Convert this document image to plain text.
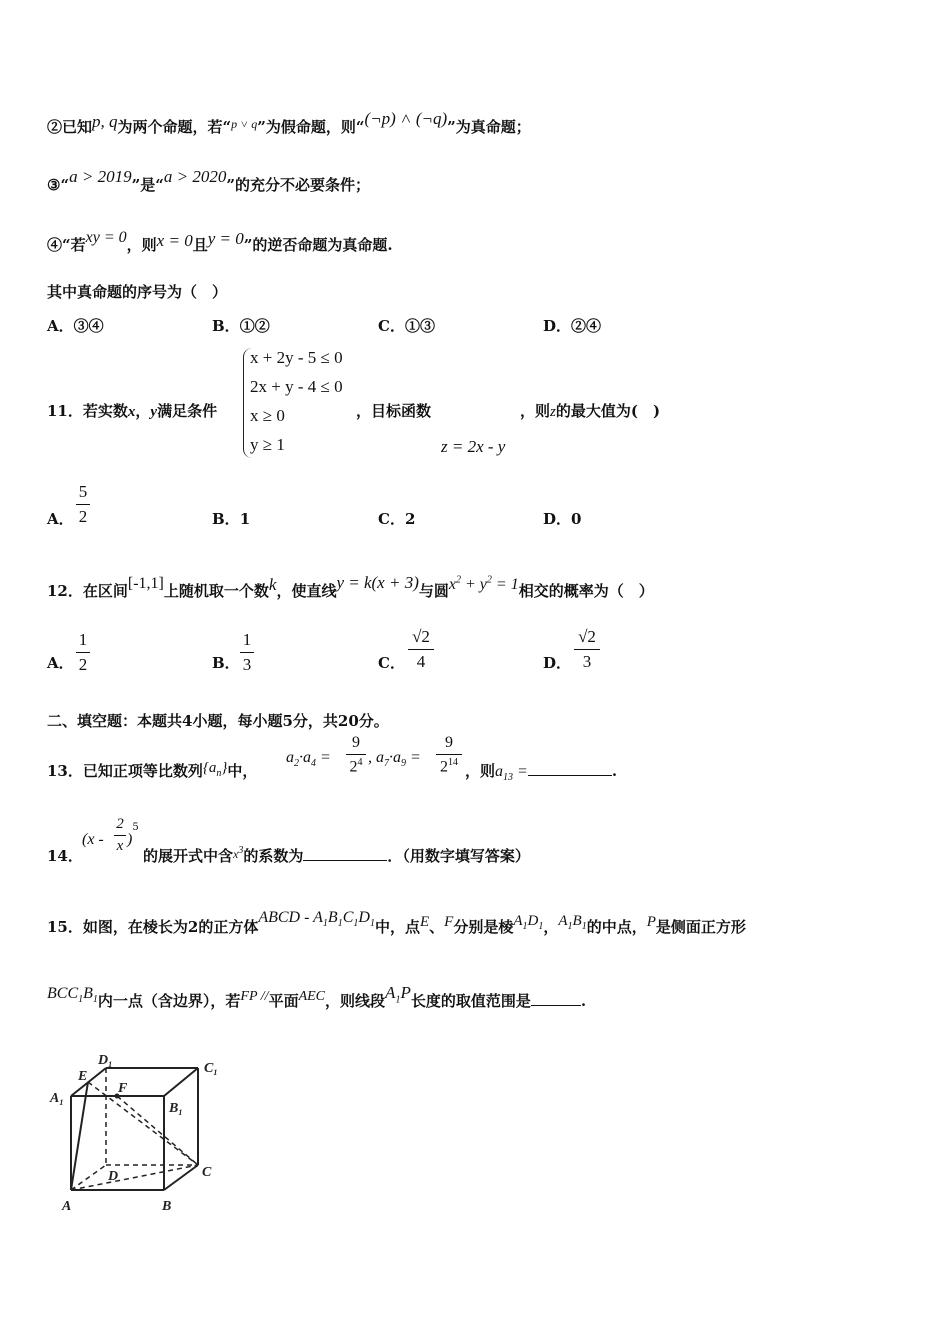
②已知p, q为两个命题，若“$^{p ˅ q}$”为假命题，则“(¬p) ˄ (¬q)”为真命题；
③“a > 2019”是“a > 2020”的充分不必要条件；
④“若xy = 0，则x = 0且y = 0”的逆否命题为真命题.
其中真命题的序号为（　）
A．③④	B．①②	C．①③	D．②④
11．若实数x，y满足条件
x + 2y - 5 ≤ 0
2x + y - 4 ≤ 0
x ≥ 0
y ≥ 1
，目标函数	，则z的最大值为(　)
z = 2x - y
A．
5
2	B．1	C．2	D．0
12．在区间[-1,1]上随机取一个数k，使直线y = k(x + 3)与圆$x^2 + y^2 = 1$相交的概率为（　）
A．
1
2	B．
1
3	C．
√2
4	D．
√2
3
二、填空题：本题共4小题，每小题5分，共20分。
13．已知正项等比数列$\{a_n\}$中，
$a_2\cdot a_4$ =
9
$2^4$ , $a_7\cdot a_9$ =
9
$2^{14}$ ，则$a_{13}$ =	.
14．
(x -
2
x )$^5$
的展开式中含$^{x^3}$的系数为	．（用数字填写答案）
15．如图，在棱长为2的正方体ABCD - $A_1B_1C_1D_1$中，点E、F分别是棱$A_1D_1$，$A_1B_1$的中点，P是侧面正方形
$BCC_1B_1$内一点（含边界），若FP //平面AEC，则线段$A_1P$长度的取值范围是	.
$D_1$	$C_1$
$A_1$	$B_1$
E
F
D	C
A	B
